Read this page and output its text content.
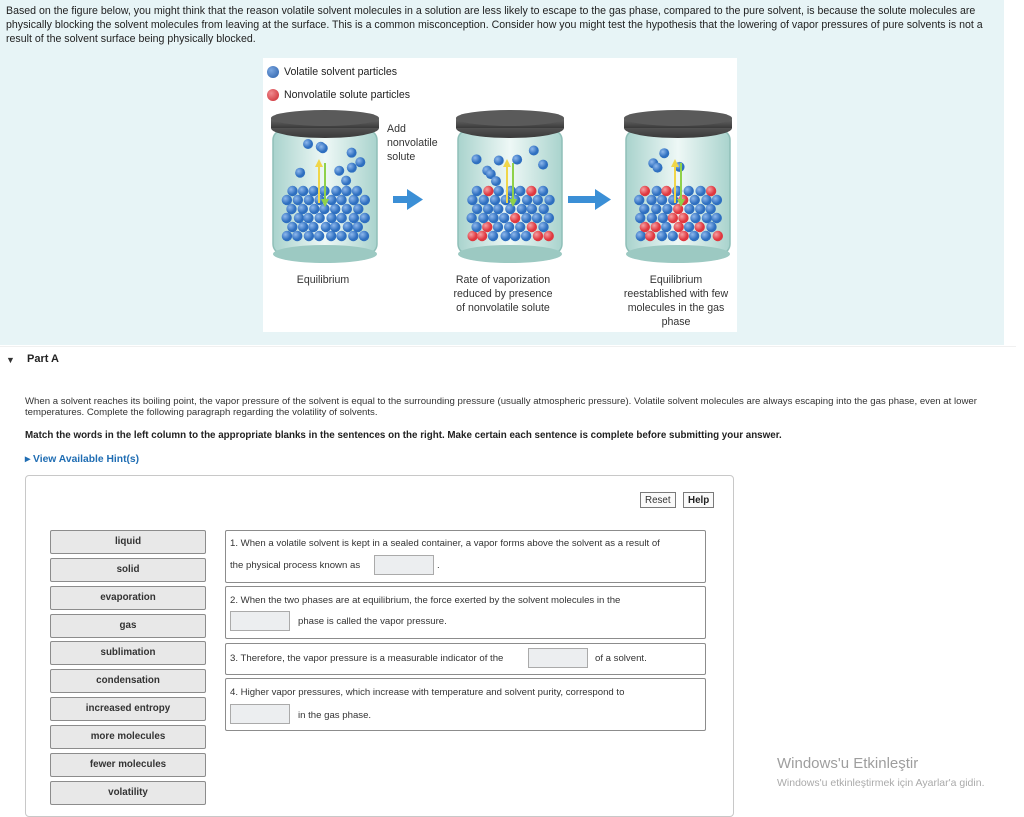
Based on the figure below, you might think that the reason volatile solvent molecules in a solution are less likely to escape to the gas phase, compared to the pure solvent, is because the solute molecules are physically blocking the solvent molecules from leaving at the surface. This is a common misconception. Consider how you might test the hypothesis that the lowering of vapor pressures of pure solvents is not a result of the solvent surface being physically blocked.

Volatile solvent particles
Nonvolatile solute particles
Add
nonvolatile
solute
Equilibrium	Rate of vaporization
reduced by presence
of nonvolatile solute
Equilibrium
reestablished with few
molecules in the gas
phase
▼ Part A

When a solvent reaches its boiling point, the vapor pressure of the solvent is equal to the surrounding pressure (usually atmospheric pressure). Volatile solvent molecules are always escaping into the gas phase, even at lower temperatures. Complete the following paragraph regarding the volatility of solvents.

Match the words in the left column to the appropriate blanks in the sentences on the right. Make certain each sentence is complete before submitting your answer.
▸ View Available Hint(s)
Reset	Help
liquid
solid
evaporation
gas
sublimation
condensation
increased entropy
more molecules
fewer molecules
volatility
1. When a volatile solvent is kept in a sealed container, a vapor forms above the solvent as a result of
the physical process known as	.
2. When the two phases are at equilibrium, the force exerted by the solvent molecules in the
phase is called the vapor pressure.
3. Therefore, the vapor pressure is a measurable indicator of the	of a solvent.
4. Higher vapor pressures, which increase with temperature and solvent purity, correspond to
in the gas phase.
Windows'u Etkinleştir
Windows'u etkinleştirmek için Ayarlar'a gidin.
